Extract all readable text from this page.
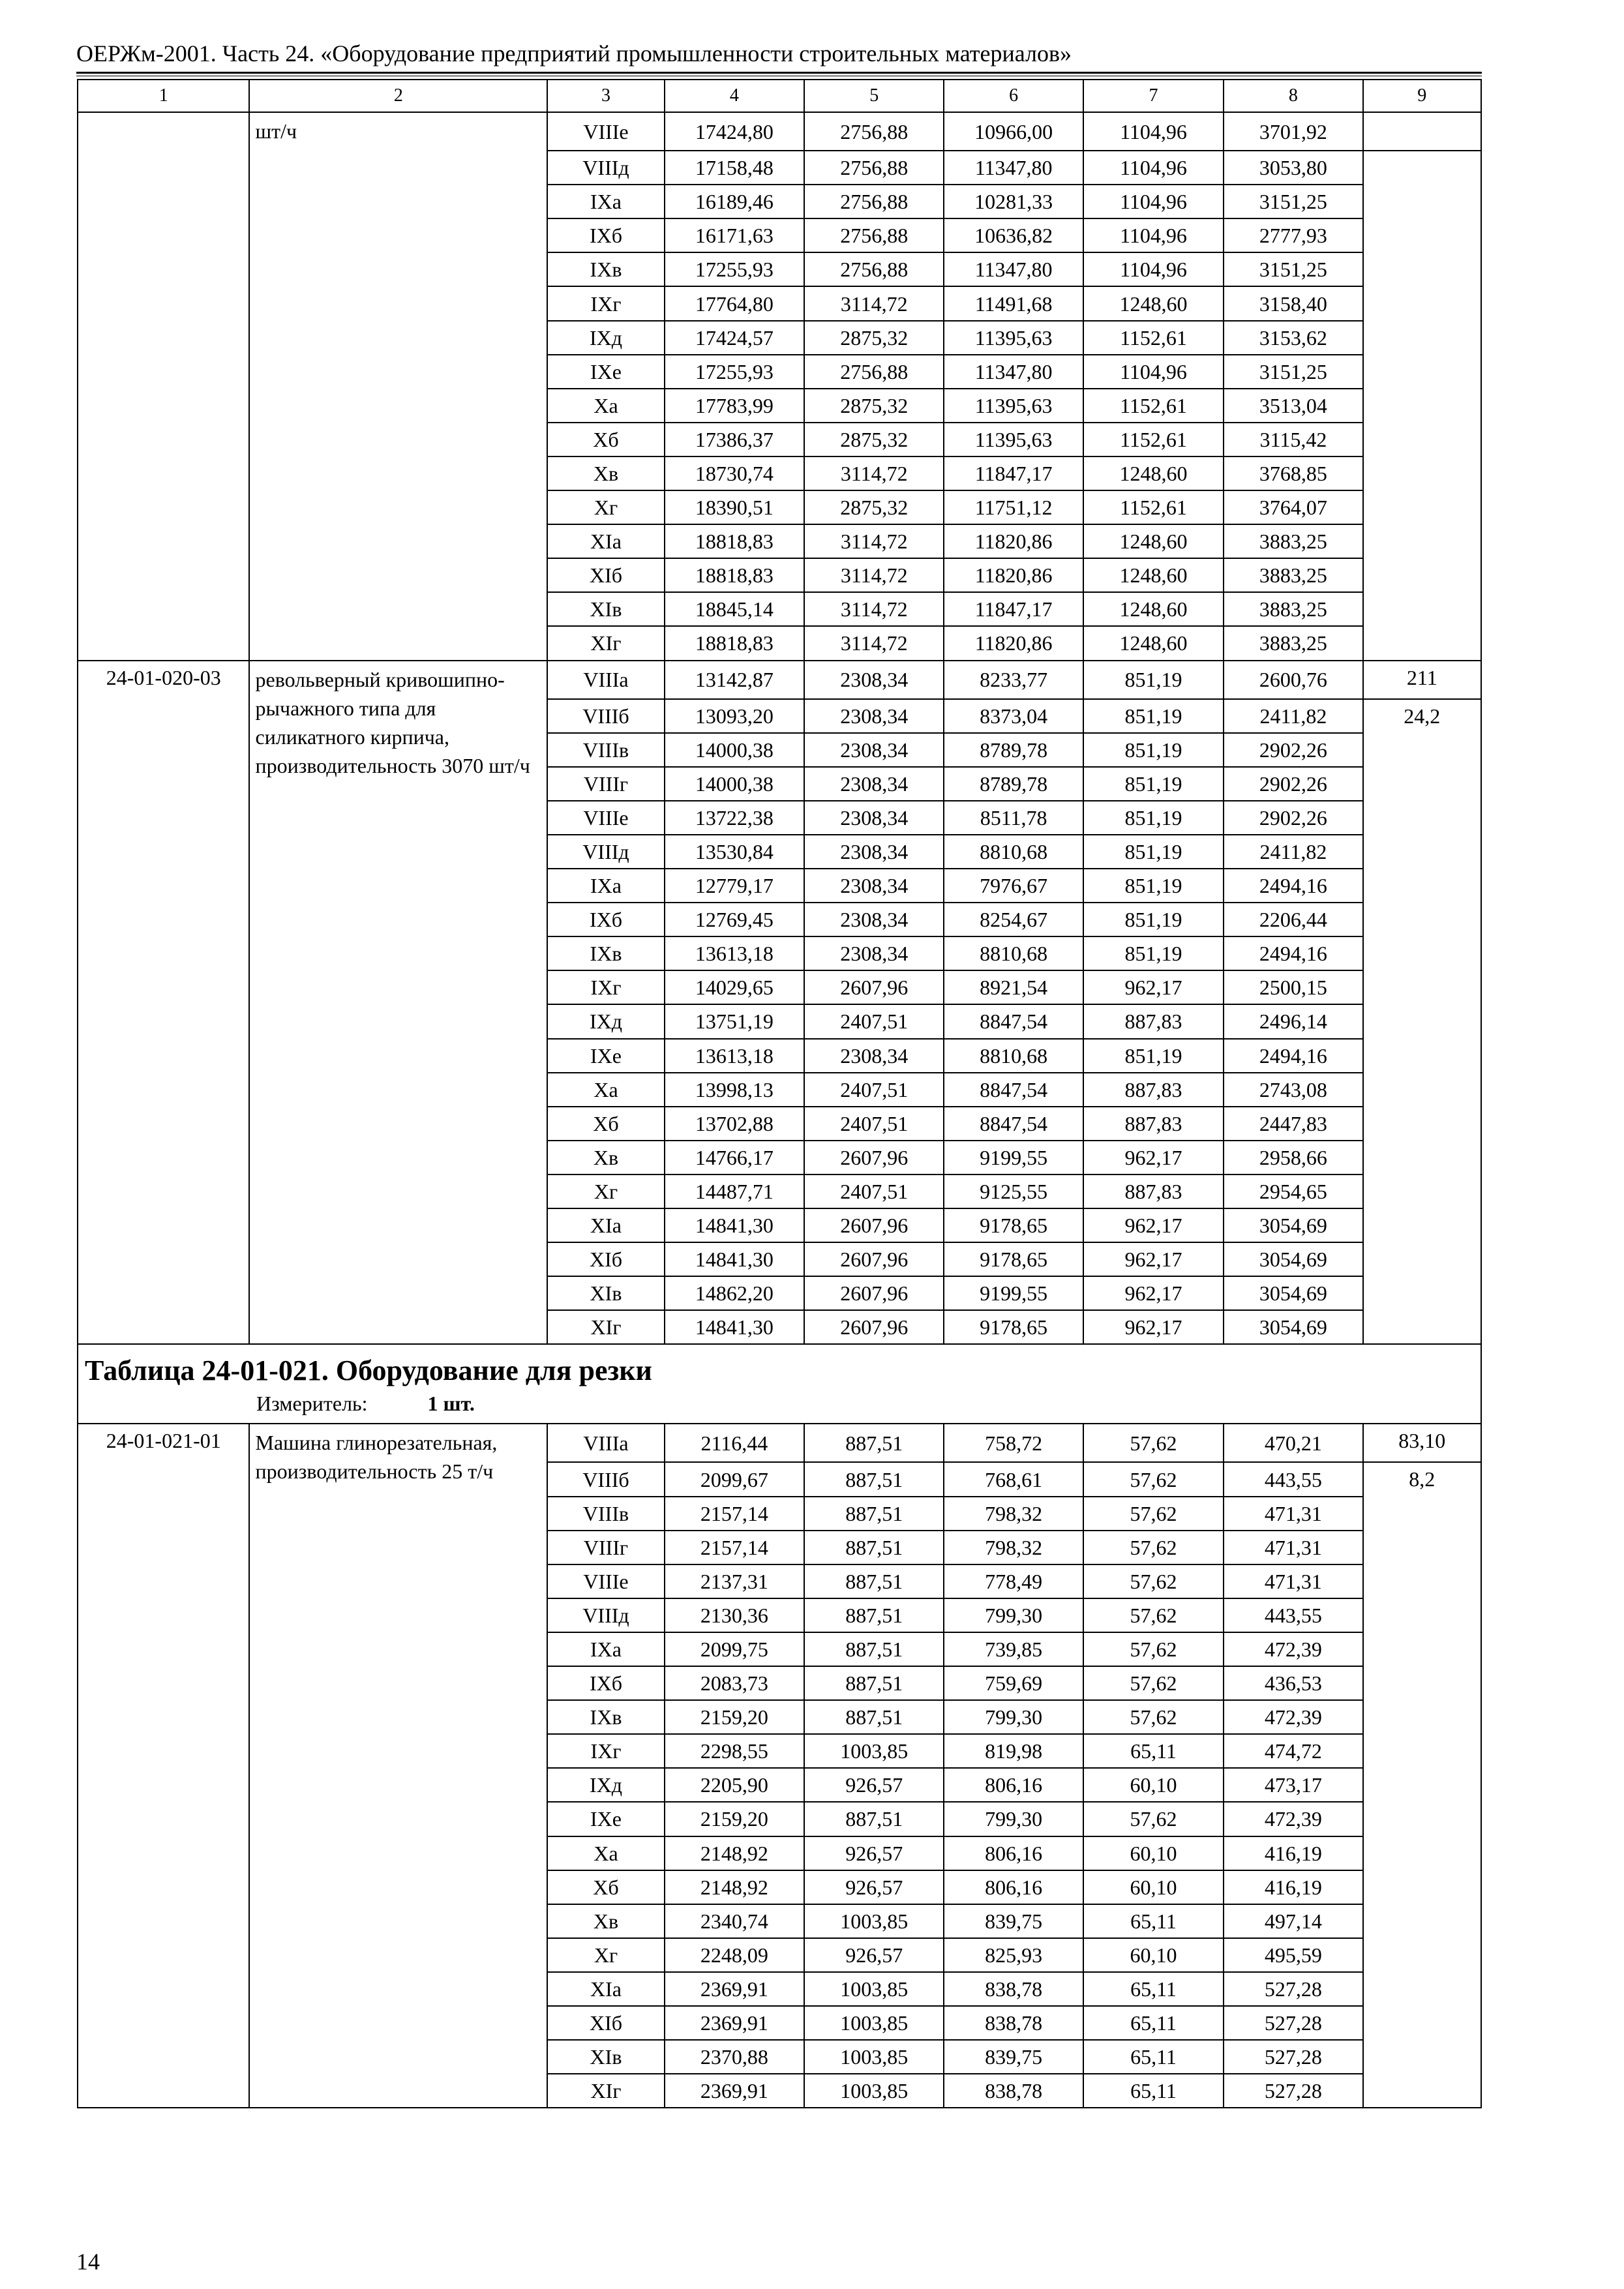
ОЕРЖм-2001. Часть 24. «Оборудование предприятий промышленности строительных материалов»
1	2	3	4	5	6	7	8	9
	шт/ч	VIIIе	17424,80	2756,88	10966,00	1104,96	3701,92	
		VIIIд	17158,48	2756,88	11347,80	1104,96	3053,80	
		IXа	16189,46	2756,88	10281,33	1104,96	3151,25	
		IXб	16171,63	2756,88	10636,82	1104,96	2777,93	
		IXв	17255,93	2756,88	11347,80	1104,96	3151,25	
		IXг	17764,80	3114,72	11491,68	1248,60	3158,40	
		IXд	17424,57	2875,32	11395,63	1152,61	3153,62	
		IXе	17255,93	2756,88	11347,80	1104,96	3151,25	
		Xа	17783,99	2875,32	11395,63	1152,61	3513,04	
		Xб	17386,37	2875,32	11395,63	1152,61	3115,42	
		Xв	18730,74	3114,72	11847,17	1248,60	3768,85	
		Xг	18390,51	2875,32	11751,12	1152,61	3764,07	
		XIа	18818,83	3114,72	11820,86	1248,60	3883,25	
		XIб	18818,83	3114,72	11820,86	1248,60	3883,25	
		XIв	18845,14	3114,72	11847,17	1248,60	3883,25	
		XIг	18818,83	3114,72	11820,86	1248,60	3883,25	
24-01-020-03	револьверный кривошипно-рычажного типа для силикатного кирпича, производительность 3070 шт/ч	VIIIа	13142,87	2308,34	8233,77	851,19	2600,76	211
		VIIIб	13093,20	2308,34	8373,04	851,19	2411,82	24,2
		VIIIв	14000,38	2308,34	8789,78	851,19	2902,26	
		VIIIг	14000,38	2308,34	8789,78	851,19	2902,26	
		VIIIе	13722,38	2308,34	8511,78	851,19	2902,26	
		VIIIд	13530,84	2308,34	8810,68	851,19	2411,82	
		IXа	12779,17	2308,34	7976,67	851,19	2494,16	
		IXб	12769,45	2308,34	8254,67	851,19	2206,44	
		IXв	13613,18	2308,34	8810,68	851,19	2494,16	
		IXг	14029,65	2607,96	8921,54	962,17	2500,15	
		IXд	13751,19	2407,51	8847,54	887,83	2496,14	
		IXе	13613,18	2308,34	8810,68	851,19	2494,16	
		Xа	13998,13	2407,51	8847,54	887,83	2743,08	
		Xб	13702,88	2407,51	8847,54	887,83	2447,83	
		Xв	14766,17	2607,96	9199,55	962,17	2958,66	
		Xг	14487,71	2407,51	9125,55	887,83	2954,65	
		XIа	14841,30	2607,96	9178,65	962,17	3054,69	
		XIб	14841,30	2607,96	9178,65	962,17	3054,69	
		XIв	14862,20	2607,96	9199,55	962,17	3054,69	
		XIг	14841,30	2607,96	9178,65	962,17	3054,69	

Таблица 24-01-021. Оборудование для резки
Измеритель: 1 шт.								

24-01-021-01	Машина глинорезательная, производительность 25 т/ч	VIIIа	2116,44	887,51	758,72	57,62	470,21	83,10
		VIIIб	2099,67	887,51	768,61	57,62	443,55	8,2
		VIIIв	2157,14	887,51	798,32	57,62	471,31	
		VIIIг	2157,14	887,51	798,32	57,62	471,31	
		VIIIе	2137,31	887,51	778,49	57,62	471,31	
		VIIIд	2130,36	887,51	799,30	57,62	443,55	
		IXа	2099,75	887,51	739,85	57,62	472,39	
		IXб	2083,73	887,51	759,69	57,62	436,53	
		IXв	2159,20	887,51	799,30	57,62	472,39	
		IXг	2298,55	1003,85	819,98	65,11	474,72	
		IXд	2205,90	926,57	806,16	60,10	473,17	
		IXе	2159,20	887,51	799,30	57,62	472,39	
		Xа	2148,92	926,57	806,16	60,10	416,19	
		Xб	2148,92	926,57	806,16	60,10	416,19	
		Xв	2340,74	1003,85	839,75	65,11	497,14	
		Xг	2248,09	926,57	825,93	60,10	495,59	
		XIа	2369,91	1003,85	838,78	65,11	527,28	
		XIб	2369,91	1003,85	838,78	65,11	527,28	
		XIв	2370,88	1003,85	839,75	65,11	527,28	
		XIг	2369,91	1003,85	838,78	65,11	527,28	
14
